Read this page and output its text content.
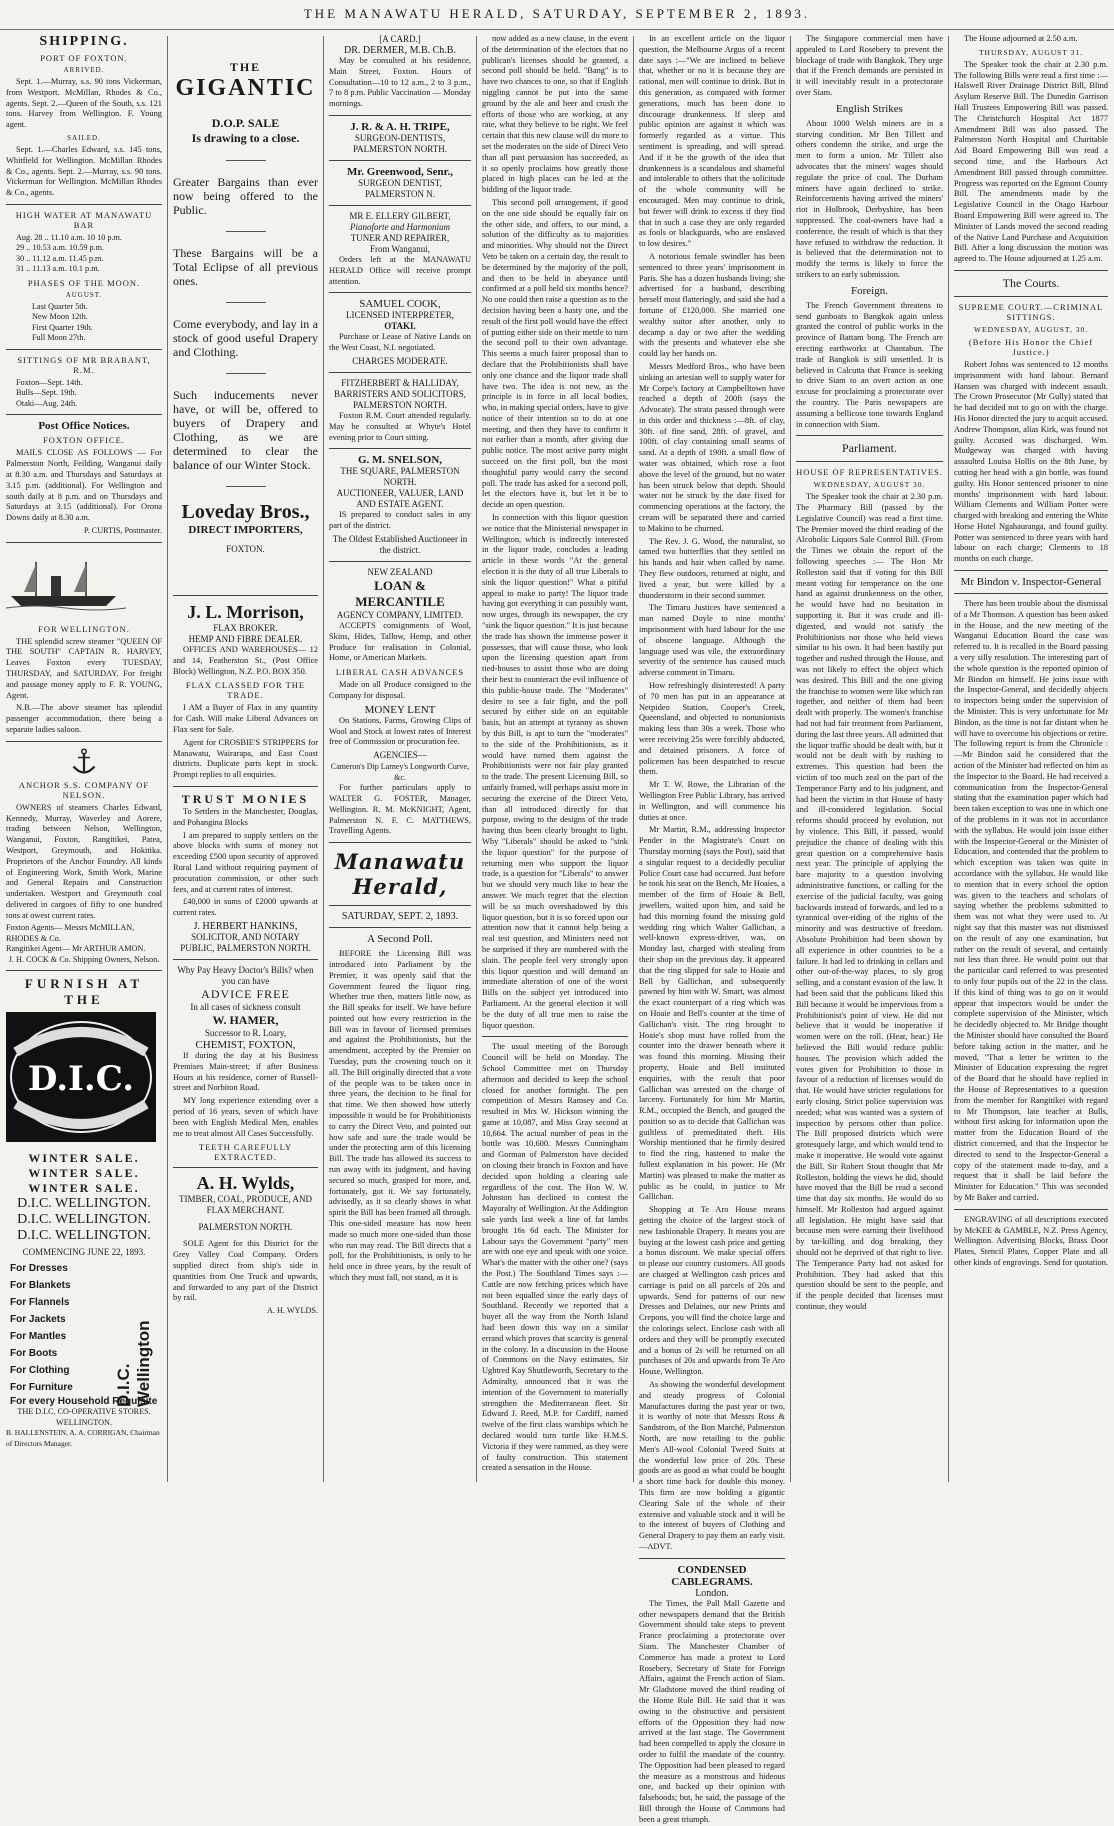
THE MANAWATU HERALD, SATURDAY, SEPTEMBER 2, 1893.
SHIPPING.
PORT OF FOXTON.
ARRIVED.

Sept. 1.—Murray, s.s. 90 tons Vickerman, from Westport. McMillan, Rhodes & Co., agents. Sept. 2.—Queen of the South, s.s. 121 tons. Harvey from Wellington. F. Young agent.

SAILED.

Sept. 1.—Charles Edward, s.s. 145 tons, Whitfield for Wellington. McMillan Rhodes & Co., agents. Sept. 2.—Murray, s.s. 90 tons. Vickerman for Wellington. McMillan Rhodes & Co., agents.

HIGH WATER AT MANAWATU BAR
Aug. 28 .. 11.10 a.m. 10 10 p.m.
29 .. 10.53 a.m. 10.59 p.m.
30 .. 11.12 a.m. 11.45 p.m.
31 .. 11.13 a.m. 10.1 p.m.
PHASES OF THE MOON.
AUGUST.
Last Quarter 5th.
New Moon 12th.
First Quarter 19th.
Full Moon 27th.
SITTINGS OF MR BRABANT, R.M.
Foxton—Sept. 14th.
Bulls—Sept. 19th.
Otaki—Aug. 24th.
Post Office Notices.
FOXTON OFFICE.

MAILS CLOSE AS FOLLOWS — For Palmerston North, Feilding, Wanganui daily at 8.30 a.m. and Thursdays and Saturdays at 3.15 p.m. (additional). For Wellington and south daily at 8 p.m. and on Thursdays and Saturdays at 3.15 (additional). For Orona Downs daily at 8.30 a.m.

P. CURTIS, Postmaster.
FOR WELLINGTON.

THE splendid screw steamer "QUEEN OF THE SOUTH" CAPTAIN R. HARVEY, Leaves Foxton every TUESDAY, THURSDAY, and SATURDAY. For freight and passage money apply to F. R. YOUNG, Agent.

N.B.—The above steamer has splendid passenger accommodation, there being a separate ladies saloon.

ANCHOR S.S. COMPANY OF NELSON.

OWNERS of steamers Charles Edward, Kennedy, Murray, Waverley and Aorere, trading between Nelson, Wellington, Wanganui, Foxton, Rangitikei, Patea, Westport, Greymouth, and Hokitika. Proprietors of the Anchor Foundry. All kinds of Engineering Work, Smith Work, Marine and General Repairs and Construction undertaken. Westport and Greymouth coal delivered in cargoes of fifty to one hundred tons at owest current rates.

Foxton Agents— Messrs McMILLAN, RHODES & Co.
Rangitikei Agent— Mr ARTHUR AMON.
J. H. COCK & Co. Shipping Owners, Nelson.
FURNISH AT THE
D.I.C.
WINTER SALE.
WINTER SALE.
WINTER SALE.
D.I.C. WELLINGTON.
D.I.C. WELLINGTON.
D.I.C. WELLINGTON.
COMMENCING JUNE 22, 1893.
For Dresses
For Blankets
For Flannels
For Jackets
For Mantles
For Boots
For Clothing
For Furniture
For every Household Requisite
D.I.C. Wellington
THE D.I.C. CO-OPERATIVE STORES. WELLINGTON.
B. HALLENSTEIN, A. A. CORRIGAN, Chairman of Directors Manager.
THE
GIGANTIC
D.O.P. SALE
Is drawing to a close.
Greater Bargains than ever now being offered to the Public.
These Bargains will be a Total Eclipse of all previous ones.
Come everybody, and lay in a stock of good useful Drapery and Clothing.
Such inducements never have, or will be, offered to buyers of Drapery and Clothing, as we are determined to clear the balance of our Winter Stock.
Loveday Bros.,
DIRECT IMPORTERS,
FOXTON.
J. L. Morrison,
FLAX BROKER.
HEMP AND FIBRE DEALER.

OFFICES AND WAREHOUSES— 12 and 14, Featherston St., (Post Office Block) Wellington, N.Z. P.O. BOX 350.

FLAX CLASSED FOR THE TRADE.

I AM a Buyer of Flax in any quantity for Cash. Will make Liberal Advances on Flax sent for Sale.

Agent for CROSBIE'S STRIPPERS for Manawatu, Wairarapa, and East Coast districts. Duplicate parts kept in stock. Prompt replies to all enquiries.

TRUST MONIES

To Settlers in the Manchester, Douglas, and Pohangina Blocks

I am prepared to supply settlers on the above blocks with sums of money not exceeding £500 upon security of approved Rural Land without requiring payment of procuration commission, or other such fees, and at current rates of interest.

£40,000 in sums of £2000 upwards at current rates.

J. HERBERT HANKINS,
SOLICITOR, AND NOTARY PUBLIC, PALMERSTON NORTH.
Why Pay Heavy Doctor's Bills? when you can have
ADVICE FREE
In all cases of sickness consult
W. HAMER,
Successor to R. Loary,
CHEMIST, FOXTON,

If during the day at his Business Premises Main-street; if after Business Hours at his residence, corner of Russell-street and Norbiton Road.

MY long experience extending over a period of 16 years, seven of which have been with English Medical Men, enables me to treat almost All Cases Successfully.

TEETH CAREFULLY EXTRACTED.
A. H. Wylds,
TIMBER, COAL, PRODUCE, AND FLAX MERCHANT.
PALMERSTON NORTH.

SOLE Agent for this District for the Grey Valley Coal Company. Orders supplied direct from ship's side in quantities from One Truck and upwards, and forwarded to any part of the District by rail.

A. H. WYLDS.
[A CARD.]
DR. DERMER, M.B. Ch.B.

May be consulted at his residence, Main Street, Foxton. Hours of Consultation—10 to 12 a.m., 2 to 3 p.m., 7 to 8 p.m. Public Vaccination — Monday mornings.

J. R. & A. H. TRIPE,
SURGEON-DENTISTS,
PALMERSTON NORTH.
Mr. Greenwood, Senr.,
SURGEON DENTIST,
PALMERSTON N.
MR E. ELLERY GILBERT,
Pianoforte and Harmonium
TUNER AND REPAIRER,
From Wanganui,

Orders left at the MANAWATU HERALD Office will receive prompt attention.

SAMUEL COOK,
LICENSED INTERPRETER,
OTAKI.

Purchase or Lease of Native Lands on the West Coast, N.I. negotiated.

CHARGES MODERATE.
FITZHERBERT & HALLIDAY,
BARRISTERS AND SOLICITORS,
PALMERSTON NORTH.

Foxton R.M. Court attended regularly. May be consulted at Whyte's Hotel evening prior to Court sitting.

G. M. SNELSON,
THE SQUARE, PALMERSTON NORTH.
AUCTIONEER, VALUER, LAND AND ESTATE AGENT.

IS prepared to conduct sales in any part of the district.

The Oldest Established Auctioneer in the district.
NEW ZEALAND
LOAN & MERCANTILE
AGENCY COMPANY, LIMITED.

ACCEPTS consignments of Wool, Skins, Hides, Tallow, Hemp, and other Produce for realisation in Colonial, Home, or American Markets.

LIBERAL CASH ADVANCES

Made on all Produce consigned to the Company for disposal.

MONEY LENT

On Stations, Farms, Growing Clips of Wool and Stock at lowest rates of Interest free of Commission or procuration fee.

AGENCIES—
Cameron's Dip Larney's Longworth Curve, &c.

For further particulars apply to WALTER G. FOSTER, Manager, Wellington. R. M. McKNIGHT, Agent, Palmerston N. F. C. MATTHEWS, Travelling Agents.

Manawatu Herald,
SATURDAY, SEPT. 2, 1893.
A Second Poll.

BEFORE the Licensing Bill was introduced into Parliament by the Premier, it was openly said that the Government feared the liquor ring. Whether true then, matters little now, as the Bill speaks for itself. We have before pointed out how every restriction in the Bill was in favour of licensed premises and against the Prohibitionists, but the amendment, accepted by the Premier on Tuesday, puts the crowning touch on it all. The Bill originally directed that a vote of the people was to be taken once in three years, the decision to be final for that time. We then showed how utterly impossible it would be for Prohibitionists to carry the Direct Veto, and pointed out how safe and sure the trade would be under the protecting arm of this licensing Bill. The trade has allowed its success to run away with its judgment, and having secured so much, grasped for more, and, fortunately, got it. We say fortunately, advisedly, as it so clearly shows in what spirit the Bill has been framed all through. This one-sided measure has now been made so much more one-sided than those who run may read. The Bill directs that a poll, for the Prohibitionists, is only to be held once in three years, by the result of which they must fall, not stand, as it is

now added as a new clause, in the event of the determination of the electors that no publican's licenses should be granted, a second poll should be held. "Bang" is to have two chances to one, so that if English niggling cannot be put into the same ground by the ale and beer and crush the efforts of those who are working, at any rate, what they believe to be right. We feel certain that this new clause will do more to set the moderates on the side of Direct Veto than all past persuasion has succeeded, as it so openly proclaims how greatly those placed in high places can be led at the bidding of the liquor trade.

This second poll arrangement, if good on the one side should be equally fair on the other side, and offers, to our mind, a solution of the difficulty as to majorities and minorities. Why should not the Direct Veto be taken on a certain day, the result to be determined by the majority of the poll, and then to be held in abeyance until confirmed at a poll held six months hence? No one could then raise a question as to the decision having been a hasty one, and the result of the first poll would have the effect of putting either side on their mettle to turn the second poll to their own advantage. This seems a much fairer proposal than to declare that the Prohibitionists shall have only one chance and the liquor trade shall have two. The idea is not new, as the principle is in force in all local bodies, who, in making special orders, have to give notice of their intention so to do at one meeting, and then they have to confirm it not earlier than a month, after giving due public notice. The most active party might succeed on the first poll, but the most thoughtful party would carry the second poll. The trade has asked for a second poll, let the electors have it, but let it be to decide an open question.

In connection with this liquor question we notice that the Ministerial newspaper in Wellington, which is indirectly interested in the liquor trade, concludes a leading article in these words "At the general election it is the duty of all true Liberals to sink the liquor question!" What a pitiful appeal to make to party! The liquor trade having got everything it can possibly want, now urges, through its newspaper, the cry "sink the liquor question." It is just because the trade has shown the immense power it possesses, that will cause those, who look upon the licensing question apart from tied-houses to assist those who are doing their best to counteract the evil influence of this public-house trade. The "Moderates" desire to see a fair fight, and the poll secured by either side on an equitable basis, but an attempt at tyranny as shown by this Bill, is apt to turn the "moderates" to the side of the Prohibitionists, as it would have turned them against the Prohibitionists were not fair play granted to the trade. The present Licensing Bill, so unfairly framed, will perhaps assist more in securing the exercise of the Direct Veto, than all introduced directly for that purpose, owing to the designs of the trade having thus been clearly brought to light. Why "Liberals" should be asked to "sink the liquor question" for the purpose of returning men who support the liquor trade, is a question for "Liberals" to answer but we should very much like to hear the answer. We much regret that the election will be so much overshadowed by this liquor question, but it is so forced upon our attention now that it cannot help being a real test question, and Ministers need not be surprised if they are numbered with the slain. The people feel very strongly upon this liquor question and will demand an immediate alteration of one of the worst Bills on the subject yet introduced into Parliament. At the general election it will be the duty of all true men to raise the liquor question.

The usual meeting of the Borough Council will be held on Monday. The School Committee met on Thursday afternoon and decided to keep the school closed for another fortnight. The pen competition of Messrs Ramsey and Co. resulted in Mrs W. Hickson winning the game at 10,087, and Miss Gray second at 10,664. The actual number of peas in the bottle was 10,600. Messrs Cunningham and Gorman of Palmerston have decided on closing their branch in Foxton and have decided upon holding a clearing sale regardless of the cost. The Hon W. W. Johnston has declined to contest the Mayoralty of Wellington. At the Addington sale yards last week a line of fat lambs brought 16s 6d each. The Minister for Labour says the Government "party" men are with one eye and speak with one voice. What's the matter with the other one? (says the Post.) The Southland Times says :—Cattle are now fetching prices which have not been equalled since the early days of Southland. Recently we reported that a buyer all the way from the North Island had been down this way on a similar errand which proves that scarcity is general in the colony. In a discussion in the House of Commons on the Navy estimates, Sir Ughtred Kay Shuttleworth, Secretary to the Admiralty, announced that it was the intention of the Government to materially strengthen the Mediterranean fleet. Sir Edward J. Reed, M.P. for Cardiff, named twelve of the first class warships which he declared would turn turtle like H.M.S. Victoria if they were rammed, as they were of faulty construction. This statement created a sensation in the House.

In an excellent article on the liquor question, the Melbourne Argus of a recent date says :—"We are inclined to believe that, whether or no it is because they are rational, men will continue to drink. But in this generation, as compared with former generations, much has been done to discourage drunkenness. If sleep and public opinion are against it which was formerly regarded as a virtue. This sentiment is spreading, and will spread. And if it be the growth of the idea that drunkenness is a scandalous and shameful and intolerable to others that the solicitude of the whole community will be encouraged. Men may continue to drink, but fewer will drink to excess if they find that in such a case they are only regarded as fools or blackguards, who are enslaved to low desires."

A notorious female swindler has been sentenced to three years' imprisonment in Paris. She has a dozen husbands living; she advertised for a husband, describing herself most flatteringly, and said she had a fortune of £120,000. She married one wealthy suitor after another, only to decamp a day or two after the wedding with the presents and whatever else she could lay her hands on.

Messrs Medford Bros., who have been sinking an artesian well to supply water for Mr Corpe's factory at Campbelltown have reached a depth of 200ft (says the Advocate). The strata passed through were in this order and thickness :—8ft. of clay, 30ft. of fine sand, 28ft. of gravel, and 100ft. of clay containing small seams of sand. At a depth of 190ft. a small flow of water was obtained, which rose a foot above the level of the ground, but no water has been struck below that depth. Should water not be struck by the date fixed for commencing operations at the factory, the cream will be separated there and carried to Makino to be churned.

The Rev. J. G. Wood, the naturalist, so tamed two butterflies that they settled on his hands and hair when called by name. They flew outdoors, returned at night, and lived a year, but were killed by a thunderstorm in their second summer.

The Timaru Justices have sentenced a man named Doyle to nine months' imprisonment with hard labour for the use of obscene language. Although the language used was vile, the extraordinary severity of the sentence has caused much adverse comment in Timaru.

How refreshingly disinterested! A party of 70 men has put in an appearance at Netpideo Station, Cooper's Creek, Queensland, and objected to nonunionists making less than 30s a week. Those who were receiving 25s were forcibly abducted, and detained prisoners. A force of policemen has been despatched to rescue them.

Mr T. W. Rowe, the Librarian of the Wellington Free Public Library, has arrived in Wellington, and will commence his duties at once.

Mr Martin, R.M., addressing Inspector Pender in the Magistrate's Court on Thursday morning (says the Post), said that a singular request to a decidedly peculiar Police Court case had occurred. Just before he took his seat on the Bench, Mr Hoaies, a member of the firm of Hoaie & Bell, jewellers, waited upon him, and said he had this morning found the missing gold wedding ring which Walter Gallichan, a well-known express-driver, was, on Monday last, charged with stealing from their shop on the previous day. It appeared that the ring slipped for sale to Hoaie and Bell by Gallichan, and subsequently pawned by him with W. Smart, was almost the exact counterpart of a ring which was on Hoaie and Bell's counter at the time of Gallichan's visit. The ring brought to Hoaie's shop must have rolled from the counter into the drawer beneath where it was found this morning. Missing their property, Hoaie and Bell instituted enquiries, with the result that poor Gallichan was arrested on the charge of larceny. Fortunately for him Mr Martin, R.M., occupied the Bench, and gauged the position so as to decide that Gallichan was guiltless of premeditated theft. His Worship mentioned that he firmly desired to find the ring, hastened to make the fullest explanation in his power. He (Mr Martin) was pleased to make the matter as public as he could, in justice to Mr Gallichan.

Shopping at Te Aro House means getting the choice of the largest stock of new fashionable Drapery. It means you are buying at the lowest cash price and getting a bonus discount. We make special offers to please our country customers. All goods are charged at Wellington cash prices and carriage is paid on all parcels of 20s and upwards. Send for patterns of our new Dresses and Delaines, our new Prints and Crepons, you will find the choice large and the colorings select. Enclose cash with all orders and they will be promptly executed and a bonus of 2s will be returned on all purchases of 20s and upwards from Te Aro House, Wellington.

As showing the wonderful development and steady progress of Colonial Manufactures during the past year or two, it is worthy of note that Messrs Ross & Sandstrom, of the Bon Marché, Palmerston North, are now retailing to the public Men's All-wool Colonial Tweed Suits at the wonderful low price of 20s. These goods are as good as what could be bought a short time back for double this money. This firm are now holding a gigantic Clearing Sale of the whole of their extensive and valuable stock and it will be to the interest of buyers of Clothing and General Drapery to pay them an early visit.—ADVT.

CONDENSED CABLEGRAMS.
London.

The Times, the Pall Mall Gazette and other newspapers demand that the British Government should take steps to prevent France proclaiming a protectorate over Siam. The Manchester Chamber of Commerce has made a protest to Lord Rosebery, Secretary of State for Foreign Affairs, against the French action of Siam. Mr Gladstone moved the third reading of the Home Rule Bill. He said that it was owing to the obstructive and persistent efforts of the Opposition they had now arrived at the last stage. The Government had been compelled to apply the closure in order to fulfil the mandate of the country. The Opposition had been pleased to regard the measure as a monstrous and hideous one, and backed up their opinion with falsehoods; but, he said, the passage of the Bill through the House of Commons had been a great triumph.

The Singapore commercial men have appealed to Lord Rosebery to prevent the blockage of trade with Bangkok. They urge that if the French demands are persisted in it will inevitably result in a protectorate over Siam.

English Strikes

About 1000 Welsh miners are in a starving condition. Mr Ben Tillett and others condemn the strike, and urge the men to form a union. Mr Tillett also advocates that the miners' wages should regulate the price of coal. The Durham miners have again declined to strike. Reinforcements having arrived the miners' riot in Holbrook, Derbyshire, has been suppressed. The coal-owners have had a conference, the result of which is that they have refused to withdraw the reduction. It is believed that the determination not to modify the terms is likely to force the strikers to an early submission.

Foreign.

The French Government threatens to send gunboats to Bangkok again unless granted the control of public works in the province of Battam bong. The French are erecting earthworks at Chantabun. The trade of Bangkok is still unsettled. It is believed in Calcutta that France is seeking to drive Siam to an overt action as one excuse for proclaiming a protectorate over the country. The Paris newspapers are assuming a bellicose tone towards England in connection with Siam.

Parliament.
HOUSE OF REPRESENTATIVES.
WEDNESDAY, AUGUST 30.

The Speaker took the chair at 2.30 p.m. The Pharmacy Bill (passed by the Legislative Council) was read a first time. The Premier moved the third reading of the Alcoholic Liquors Sale Control Bill. (From the Times we obtain the report of the following speeches :— The Hon Mr Rolleston said that if voting for this Bill meant voting for temperance on the one hand as against drunkenness on the other, he would have had no hesitation in supporting it. But it was crude and ill-digested, and would not satisfy the Prohibitionists nor those who held views similar to his own. It had been hastily put together and rushed through the House, and was not likely to effect the object which was desired. This Bill and the one giving the franchise to women were like which ran together, and neither of them had been dealt with properly. The women's franchise had not had fair treatment from Parliament, during the last three years. All admitted that the liquor traffic should be dealt with, but it would not be dealt with by rushing to extremes. This question had been the victim of too much zeal on the part of the Temperance Party and to his judgment, and had been the victim in that House of hasty and ill-considered legislation. Social reforms should proceed by evolution, not by violence. This Bill, if passed, would prejudice the chance of dealing with this great question on a comprehensive basis next year. The principle of applying the bare majority to a question involving administrative functions, or calling for the exercise of the judicial faculty, was going backwards instead of forwards, and led to a tyrannical over-riding of the rights of the minority and was destructive of freedom. Absolute Prohibition had been shown by all experience in other countries to be a failure. It had led to drinking in cellars and other out-of-the-way places, to sly grog selling, and a constant evasion of the law. It had been said that the publicans liked this Bill because it would be impervious from a Prohibitionist's point of view. He did not believe that it would be inoperative if women were on the roll. (Hear, hear.) He believed the Bill would reduce public houses. The provision which added the votes given for Prohibition to those in favour of a reduction of licenses would do that. He would have stricter regulations for early closing. Strict police supervision was needed; what was wanted was a system of inspection by persons other than police. The Bill proposed districts which were grotesquely large, and which would tend to make it inoperative. He would vote against the Bill. Sir Robert Stout thought that Mr Rolleston, holding the views he did, should have moved that the Bill be read a second time that day six months. He would do so himself. Mr Rolleston had argued against all legislation. He might have said that because men were earning their livelihood by tar-killing and dog breaking, they should not be deprived of that right to live. The Temperance Party had not asked for Prohibition. They had asked that this question should be sent to the people, and if the people decided that licenses must continue, they would

The House adjourned at 2.50 a.m.

THURSDAY, AUGUST 31.

The Speaker took the chair at 2.30 p.m. The following Bills were read a first time :—Halswell River Drainage District Bill, Blind Asylum Reserve Bill. The Dunedin Garrison Hall Trustees Empowering Bill was passed. The Christchurch Hospital Act 1877 Amendment Bill was also passed. The Palmerston North Hospital and Charitable Aid Board Empowering Bill was read a second time, and the Harbours Act Amendment Bill passed through committee. Progress was reported on the Egmont County Bill. The amendments made by the Legislative Council in the Otago Harbour Board Empowering Bill were agreed to. The Minister of Lands moved the second reading of the Native Land Purchase and Acquisition Bill. After a long discussion the motion was agreed to. The House adjourned at 1.25 a.m.

The Courts.
SUPREME COURT.—CRIMINAL SITTINGS.
WEDNESDAY, AUGUST, 30.
(Before His Honor the Chief Justice.)

Robert Johns was sentenced to 12 months imprisonment with hard labour. Bernard Hansen was charged with indecent assault. The Crown Prosecutor (Mr Gully) stated that he had decided not to go on with the charge. His Honor directed the jury to acquit accused. Andrew Thompson, alias Kirk, was found not guilty. Accused was discharged. Wm. Mudgeway was charged with having assaulted Louisa Hollis on the 8th June, by cutting her head with a gin bottle, was found guilty. His Honor sentenced prisoner to nine months' imprisonment with hard labour. William Clements and William Potter were charged with breaking and entering the White Horse Hotel Ngahauranga, and found guilty. Potter was sentenced to three years with hard labour on each charge; Clements to 18 months on each charge.

Mr Bindon v. Inspector-General

There has been trouble about the dismissal of a Mr Thomson. A question has been asked in the House, and the new meeting of the Wanganui Education Board the case was referred to. It is recalled in the Board passing a very silly resolution. The interesting part of the whole question is the reported opinion of Mr Bindon on himself. He joins issue with the Inspector-General, and decidedly objects to inspectors being under the supervision of the Minister. This is very unfortunate for Mr Bindon, as the time is not far distant when he will have to overcome his objections or retire. The following report is from the Chronicle :—Mr Bindon said he considered that the action of the Minister had reflected on him as the Inspector to the Board. He had received a communication from the Inspector-General stating that the examination paper which had been taken exception to was one in which one of the problems in it was not in accordance with the syllabus. He would join issue either with the Inspector-General or the Minister of Education, and contended that the problem to which exception was taken was quite in accordance with the syllabus. He would like to mention that in every school the option was given to the teachers and scholars of saying whether the problems submitted to them was not what they were used to. At night say that this master was not dismissed on the result of any one examination, but rather on the result of several, and certainly not less than three. He would point out that the particular card referred to was presented to only four pupils out of the 22 in the class. If this kind of thing was to go on it would appear that inspectors would be under the complete supervision of the Minister, which he decidedly objected to. Mr Bridge thought the Minister should have consulted the Board before taking action in the matter, and he moved, "That a letter be written to the Minister of Education expressing the regret of the Board that he should have replied in the House of Representatives to a question from the member for Rangitikei with regard to Mr Thompson, late teacher at Bulls, without first asking for information upon the matter from the Education Board of the district concerned, and that the Inspector be directed to send to the Inspector-General a copy of the statement made to-day, and a request that it shall be laid before the Minister for Education." This was seconded by Mr Baker and carried.

ENGRAVING of all descriptions executed by McKEE & GAMBLE, N.Z. Press Agency, Wellington. Advertising Blocks, Brass Door Plates, Stencil Plates, Copper Plate and all other kinds of engravings. Send for quotation.
